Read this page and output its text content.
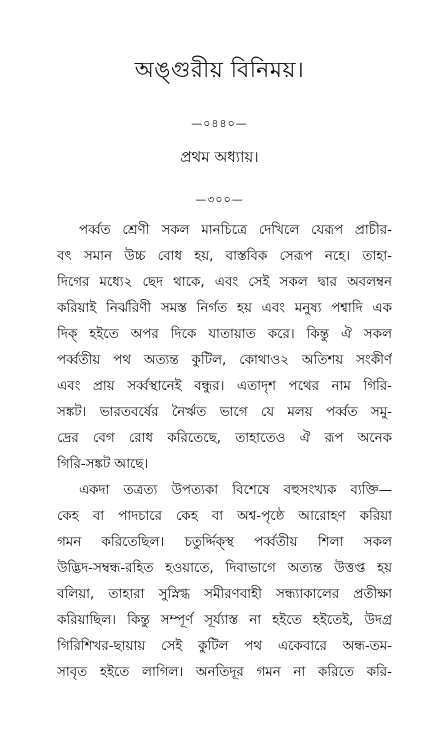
অঙ্গুরীয় বিনিময়।
—০৪৪০—
প্রথম অধ্যায়।
—৩০০—
পর্ব্বত শ্রেণী সকল মানচিত্রে দেখিলে যেরূপ প্রাচীর-
বৎ সমান উচ্চ বোধ হয়, বাস্তবিক সেরূপ নহে। তাহা-
দিগের মধ্যে২ ছেদ থাকে, এবং সেই সকল দ্বার অবলম্বন
করিয়াই নির্ঝরিণী সমস্ত নির্গত হয় এবং মনুষ্য পশ্বাদি এক
দিক্ হইতে অপর দিকে যাতায়াত করে। কিন্তু ঐ সকল
পর্ব্বতীয় পথ অত্যন্ত কুটিল, কোথাও২ অতিশয় সংকীর্ণ
এবং প্রায় সর্ব্বস্থানেই বন্ধুর। এতাদৃশ পথের নাম গিরি-
সঙ্কট। ভারতবর্ষের নৈর্ঋত ভাগে যে মলয় পর্ব্বত সমু-
দ্রের বেগ রোধ করিতেছে, তাহাতেও ঐ রূপ অনেক
গিরি-সঙ্কট আছে।
একদা তত্রত্য উপত্যকা বিশেষে বহুসংখ্যক ব্যক্তি—
কেহ বা পাদচারে কেহ বা অশ্ব-পৃষ্ঠে আরোহণ করিয়া
গমন করিতেছিল। চতুর্দ্দিক্স্থ পর্ব্বতীয় শিলা সকল
উদ্ভিদ-সম্বন্ধ-রহিত হওয়াতে, দিবাভাগে অত্যন্ত উত্তপ্ত হয়
বলিয়া, তাহারা সুস্নিগ্ধ সমীরণবাহী সন্ধ্যাকালের প্রতীক্ষা
করিয়াছিল। কিন্তু সম্পূর্ণ সূর্য্যাস্ত না হইতে হইতেই, উদগ্র
গিরিশিখর-ছায়ায় সেই কুটিল পথ একেবারে অন্ধ-তম-
সাবৃত হইতে লাগিল। অনতিদূর গমন না করিতে করি-
